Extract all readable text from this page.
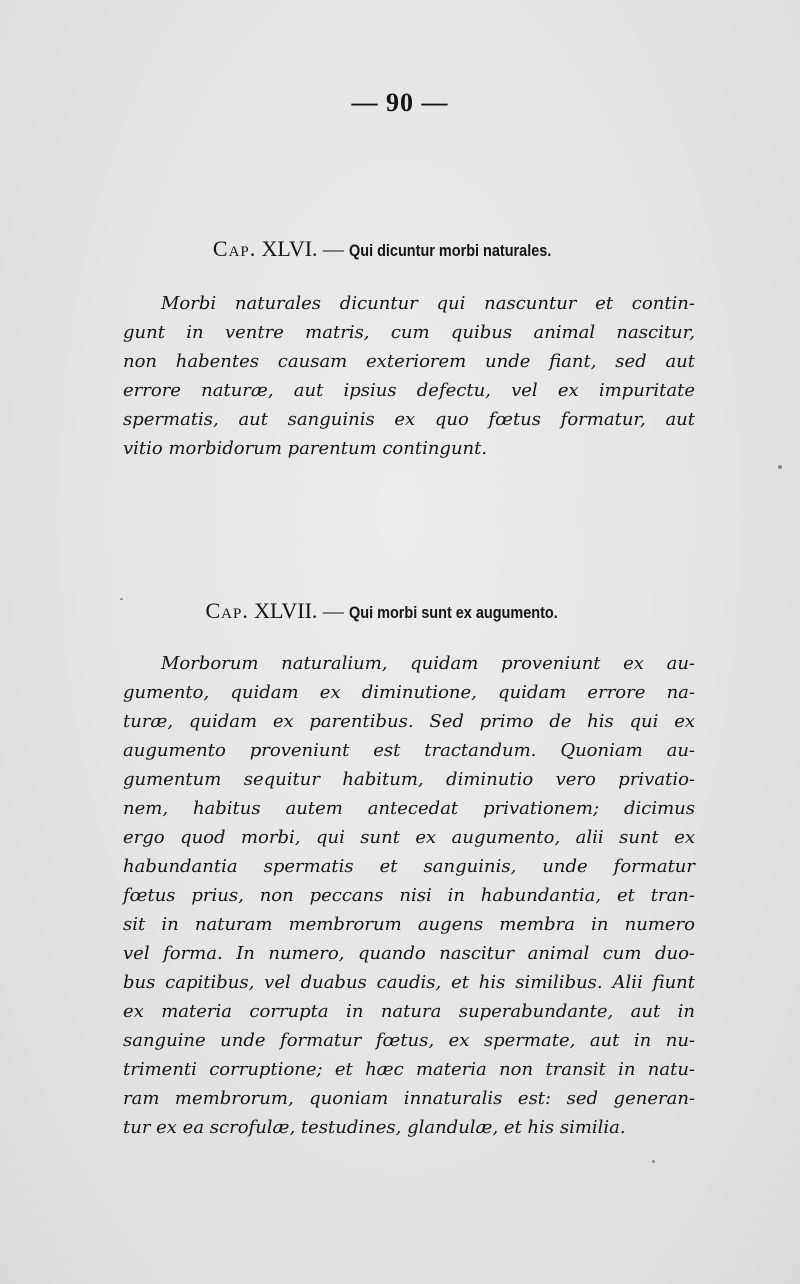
— 90 —
Cap. XLVI. — Qui dicuntur morbi naturales.
Morbi naturales dicuntur qui nascuntur et contin-
gunt in ventre matris, cum quibus animal nascitur,
non habentes causam exteriorem unde fiant, sed aut
errore naturæ, aut ipsius defectu, vel ex impuritate
spermatis, aut sanguinis ex quo fœtus formatur, aut
vitio morbidorum parentum contingunt.
Cap. XLVII. — Qui morbi sunt ex augumento.
Morborum naturalium, quidam proveniunt ex au-
gumento, quidam ex diminutione, quidam errore na-
turæ, quidam ex parentibus. Sed primo de his qui ex
augumento proveniunt est tractandum. Quoniam au-
gumentum sequitur habitum, diminutio vero privatio-
nem, habitus autem antecedat privationem; dicimus
ergo quod morbi, qui sunt ex augumento, alii sunt ex
habundantia spermatis et sanguinis, unde formatur
fœtus prius, non peccans nisi in habundantia, et tran-
sit in naturam membrorum augens membra in numero
vel forma. In numero, quando nascitur animal cum duo-
bus capitibus, vel duabus caudis, et his similibus. Alii fiunt
ex materia corrupta in natura superabundante, aut in
sanguine unde formatur fœtus, ex spermate, aut in nu-
trimenti corruptione; et hæc materia non transit in natu-
ram membrorum, quoniam innaturalis est: sed generan-
tur ex ea scrofulæ, testudines, glandulæ, et his similia.
